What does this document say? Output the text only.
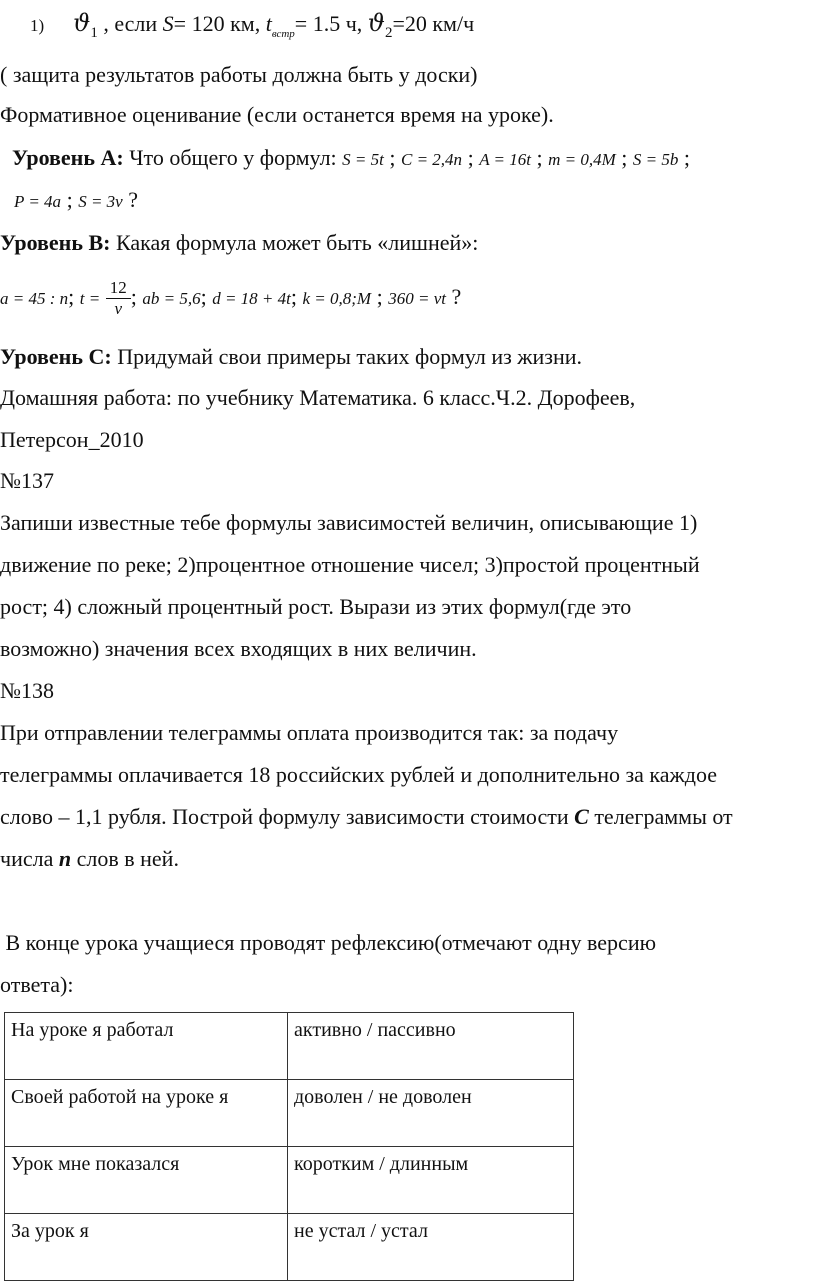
1) $ϑ_1$ , если S= 120 км, $t_{встр}= 1.5$ ч, $ϑ_2=20$ км/ч
( защита результатов работы должна быть у доски)
Формативное оценивание (если останется время на уроке).
Уровень А: Что общего у формул: S = 5t ; C = 2,4n ; A = 16t ; m = 0,4M ; S = 5b ;
P = 4a ; S = 3v ?
Уровень В: Какая формула может быть «лишней»:
a = 45 : n; $t = \frac{12}{v}$ ; ab = 5,6; d = 18 + 4t; k = 0,8;M ; 360 = vt ?
Уровень С: Придумай свои примеры таких формул из жизни.
Домашняя работа: по учебнику Математика. 6 класс.Ч.2. Дорофеев,
Петерсон_2010
№137
Запиши известные тебе формулы зависимостей величин, описывающие 1)
движение по реке; 2)процентное отношение чисел; 3)простой процентный
рост; 4) сложный процентный рост. Вырази из этих формул(где это
возможно) значения всех входящих в них величин.
№138
При отправлении телеграммы оплата производится так: за подачу
телеграммы оплачивается 18 российских рублей и дополнительно за каждое
слово – 1,1 рубля. Построй формулу зависимости стоимости C телеграммы от
числа n слов в ней.
В конце урока учащиеся проводят рефлексию(отмечают одну версию
ответа):
На уроке я работал	активно / пассивно
Своей работой на уроке я	доволен / не доволен
Урок мне показался	коротким / длинным
За урок я	не устал / устал
